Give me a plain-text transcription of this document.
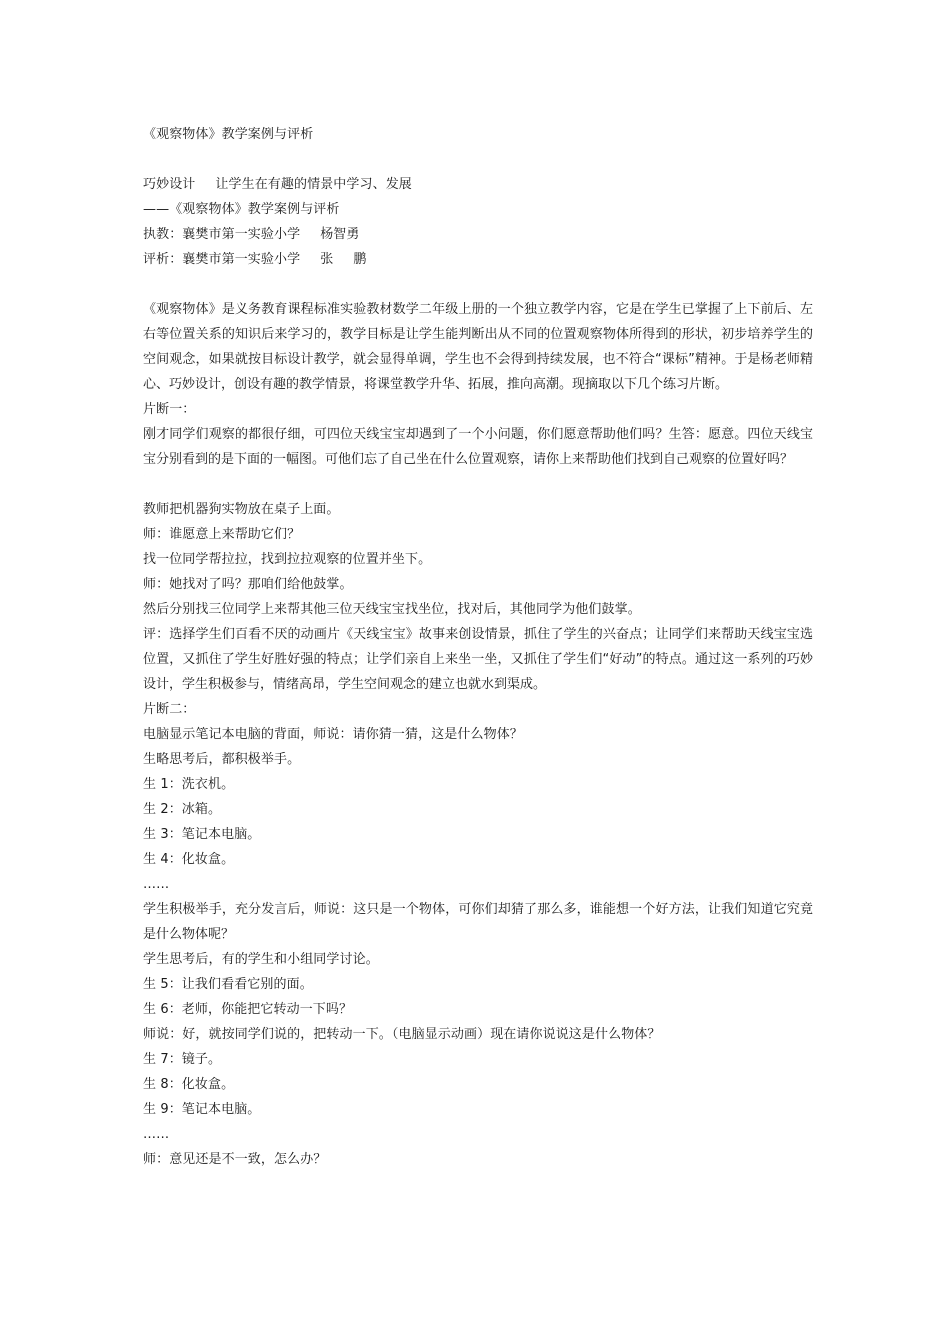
《观察物体》教学案例与评析
巧妙设计 让学生在有趣的情景中学习、发展
——《观察物体》教学案例与评析
执教：襄樊市第一实验小学 杨智勇
评析：襄樊市第一实验小学 张 鹏
《观察物体》是义务教育课程标准实验教材数学二年级上册的一个独立教学内容，它是在学生已掌握了上下前后、左右等位置关系的知识后来学习的，教学目标是让学生能判断出从不同的位置观察物体所得到的形状，初步培养学生的空间观念，如果就按目标设计教学，就会显得单调，学生也不会得到持续发展，也不符合“课标”精神。于是杨老师精心、巧妙设计，创设有趣的教学情景，将课堂教学升华、拓展，推向高潮。现摘取以下几个练习片断。
片断一：
刚才同学们观察的都很仔细，可四位天线宝宝却遇到了一个小问题，你们愿意帮助他们吗？生答：愿意。四位天线宝宝分别看到的是下面的一幅图。可他们忘了自己坐在什么位置观察，请你上来帮助他们找到自己观察的位置好吗？
教师把机器狗实物放在桌子上面。
师：谁愿意上来帮助它们？
找一位同学帮拉拉，找到拉拉观察的位置并坐下。
师：她找对了吗？那咱们给他鼓掌。
然后分别找三位同学上来帮其他三位天线宝宝找坐位，找对后，其他同学为他们鼓掌。
评：选择学生们百看不厌的动画片《天线宝宝》故事来创设情景，抓住了学生的兴奋点；让同学们来帮助天线宝宝选位置，又抓住了学生好胜好强的特点；让学们亲自上来坐一坐，又抓住了学生们“好动”的特点。通过这一系列的巧妙设计，学生积极参与，情绪高昂，学生空间观念的建立也就水到渠成。
片断二：
电脑显示笔记本电脑的背面，师说：请你猜一猜，这是什么物体？
生略思考后，都积极举手。
生 1：洗衣机。
生 2：冰箱。
生 3：笔记本电脑。
生 4：化妆盒。
……
学生积极举手，充分发言后，师说：这只是一个物体，可你们却猜了那么多，谁能想一个好方法，让我们知道它究竟是什么物体呢？
学生思考后，有的学生和小组同学讨论。
生 5：让我们看看它别的面。
生 6：老师，你能把它转动一下吗？
师说：好，就按同学们说的，把转动一下。（电脑显示动画）现在请你说说这是什么物体？
生 7：镜子。
生 8：化妆盒。
生 9：笔记本电脑。
……
师：意见还是不一致，怎么办？
